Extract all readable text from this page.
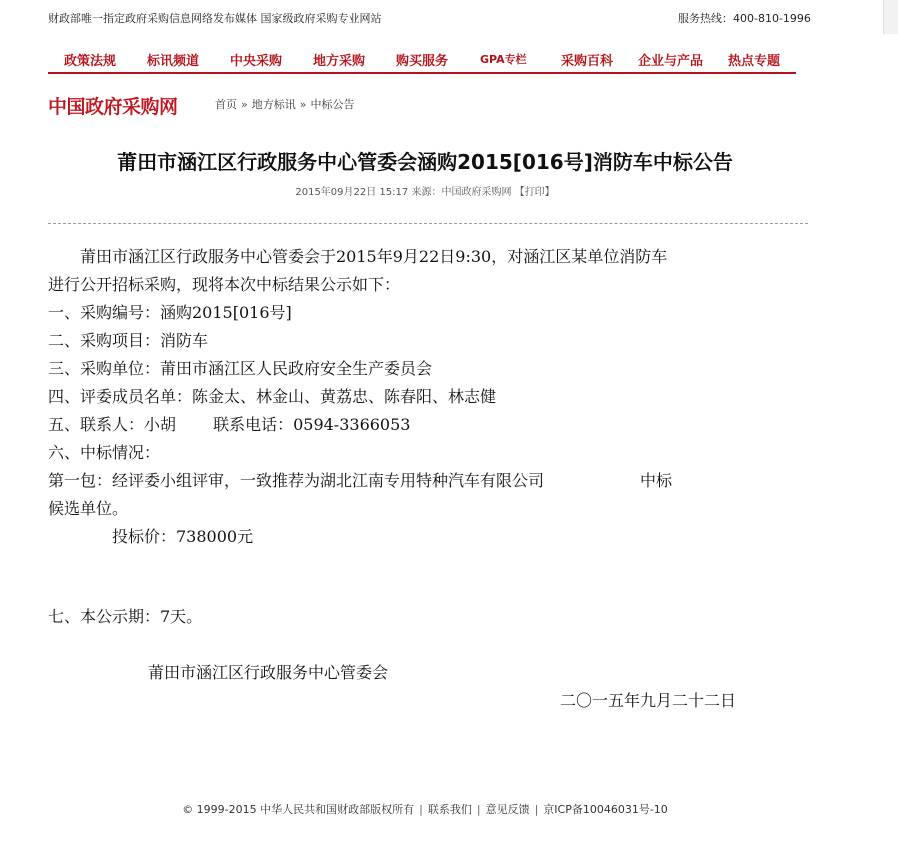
财政部唯一指定政府采购信息网络发布媒体 国家级政府采购专业网站	服务热线：400-810-1996
政策法规 标讯频道 中央采购 地方采购 购买服务	GPA专栏	采购百科 企业与产品 热点专题
中国政府采购网	首页 » 地方标讯 » 中标公告
莆田市涵江区行政服务中心管委会涵购2015[016号]消防车中标公告
2015年09月22日 15:17 来源：中国政府采购网 【打印】
　　莆田市涵江区行政服务中心管委会于2015年9月22日9:30，对涵江区某单位消防车
进行公开招标采购，现将本次中标结果公示如下：
一、采购编号：涵购2015[016号]
二、采购项目：消防车
三、采购单位：莆田市涵江区人民政府安全生产委员会
四、评委成员名单：陈金太、林金山、黄荔忠、陈春阳、林志健
五、联系人：小胡　　 联系电话：0594-3366053
六、中标情况：
第一包：经评委小组评审，一致推荐为湖北江南专用特种汽车有限公司　　　　　　中标
候选单位。
　　　　投标价：738000元
七、本公示期：7天。
莆田市涵江区行政服务中心管委会
二〇一五年九月二十二日
© 1999-2015 中华人民共和国财政部版权所有 | 联系我们 | 意见反馈 | 京ICP备10046031号-10
